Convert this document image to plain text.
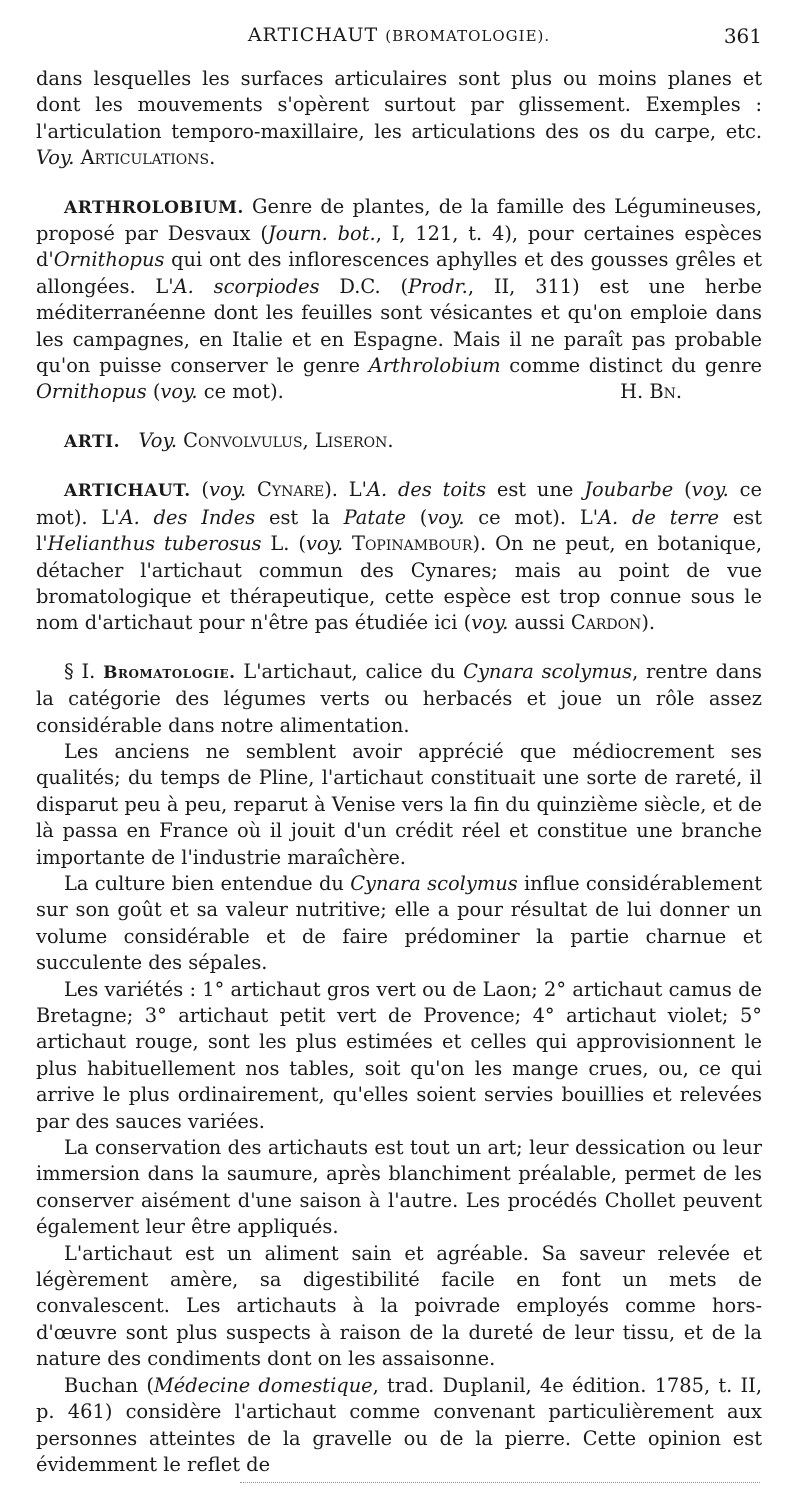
ARTICHAUT (BROMATOLOGIE).	361

dans lesquelles les surfaces articulaires sont plus ou moins planes et dont les mouvements s'opèrent surtout par glissement. Exemples : l'articulation temporo-maxillaire, les articulations des os du carpe, etc. Voy. Articulations.

ARTHROLOBIUM. Genre de plantes, de la famille des Légumineuses, proposé par Desvaux (Journ. bot., I, 121, t. 4), pour certaines espèces d'Ornithopus qui ont des inflorescences aphylles et des gousses grêles et allongées. L'A. scorpiodes D.C. (Prodr., II, 311) est une herbe méditerranéenne dont les feuilles sont vésicantes et qu'on emploie dans les campagnes, en Italie et en Espagne. Mais il ne paraît pas probable qu'on puisse conserver le genre Arthrolobium comme distinct du genre Ornithopus (voy. ce mot).	H. Bn.

ARTI. Voy. Convolvulus, Liseron.

ARTICHAUT. (voy. Cynare). L'A. des toits est une Joubarbe (voy. ce mot). L'A. des Indes est la Patate (voy. ce mot). L'A. de terre est l'Helianthus tuberosus L. (voy. Topinambour). On ne peut, en botanique, détacher l'artichaut commun des Cynares; mais au point de vue bromatologique et thérapeutique, cette espèce est trop connue sous le nom d'artichaut pour n'être pas étudiée ici (voy. aussi Cardon).

§ I. Bromatologie. L'artichaut, calice du Cynara scolymus, rentre dans la catégorie des légumes verts ou herbacés et joue un rôle assez considérable dans notre alimentation.

Les anciens ne semblent avoir apprécié que médiocrement ses qualités; du temps de Pline, l'artichaut constituait une sorte de rareté, il disparut peu à peu, reparut à Venise vers la fin du quinzième siècle, et de là passa en France où il jouit d'un crédit réel et constitue une branche importante de l'industrie maraîchère.

La culture bien entendue du Cynara scolymus influe considérablement sur son goût et sa valeur nutritive; elle a pour résultat de lui donner un volume considérable et de faire prédominer la partie charnue et succulente des sépales.

Les variétés : 1° artichaut gros vert ou de Laon; 2° artichaut camus de Bretagne; 3° artichaut petit vert de Provence; 4° artichaut violet; 5° artichaut rouge, sont les plus estimées et celles qui approvisionnent le plus habituellement nos tables, soit qu'on les mange crues, ou, ce qui arrive le plus ordinairement, qu'elles soient servies bouillies et relevées par des sauces variées.

La conservation des artichauts est tout un art; leur dessication ou leur immersion dans la saumure, après blanchiment préalable, permet de les conserver aisément d'une saison à l'autre. Les procédés Chollet peuvent également leur être appliqués.

L'artichaut est un aliment sain et agréable. Sa saveur relevée et légèrement amère, sa digestibilité facile en font un mets de convalescent. Les artichauts à la poivrade employés comme hors-d'œuvre sont plus suspects à raison de la dureté de leur tissu, et de la nature des condiments dont on les assaisonne.

Buchan (Médecine domestique, trad. Duplanil, 4e édition. 1785, t. II, p. 461) considère l'artichaut comme convenant particulièrement aux personnes atteintes de la gravelle ou de la pierre. Cette opinion est évidemment le reflet de
